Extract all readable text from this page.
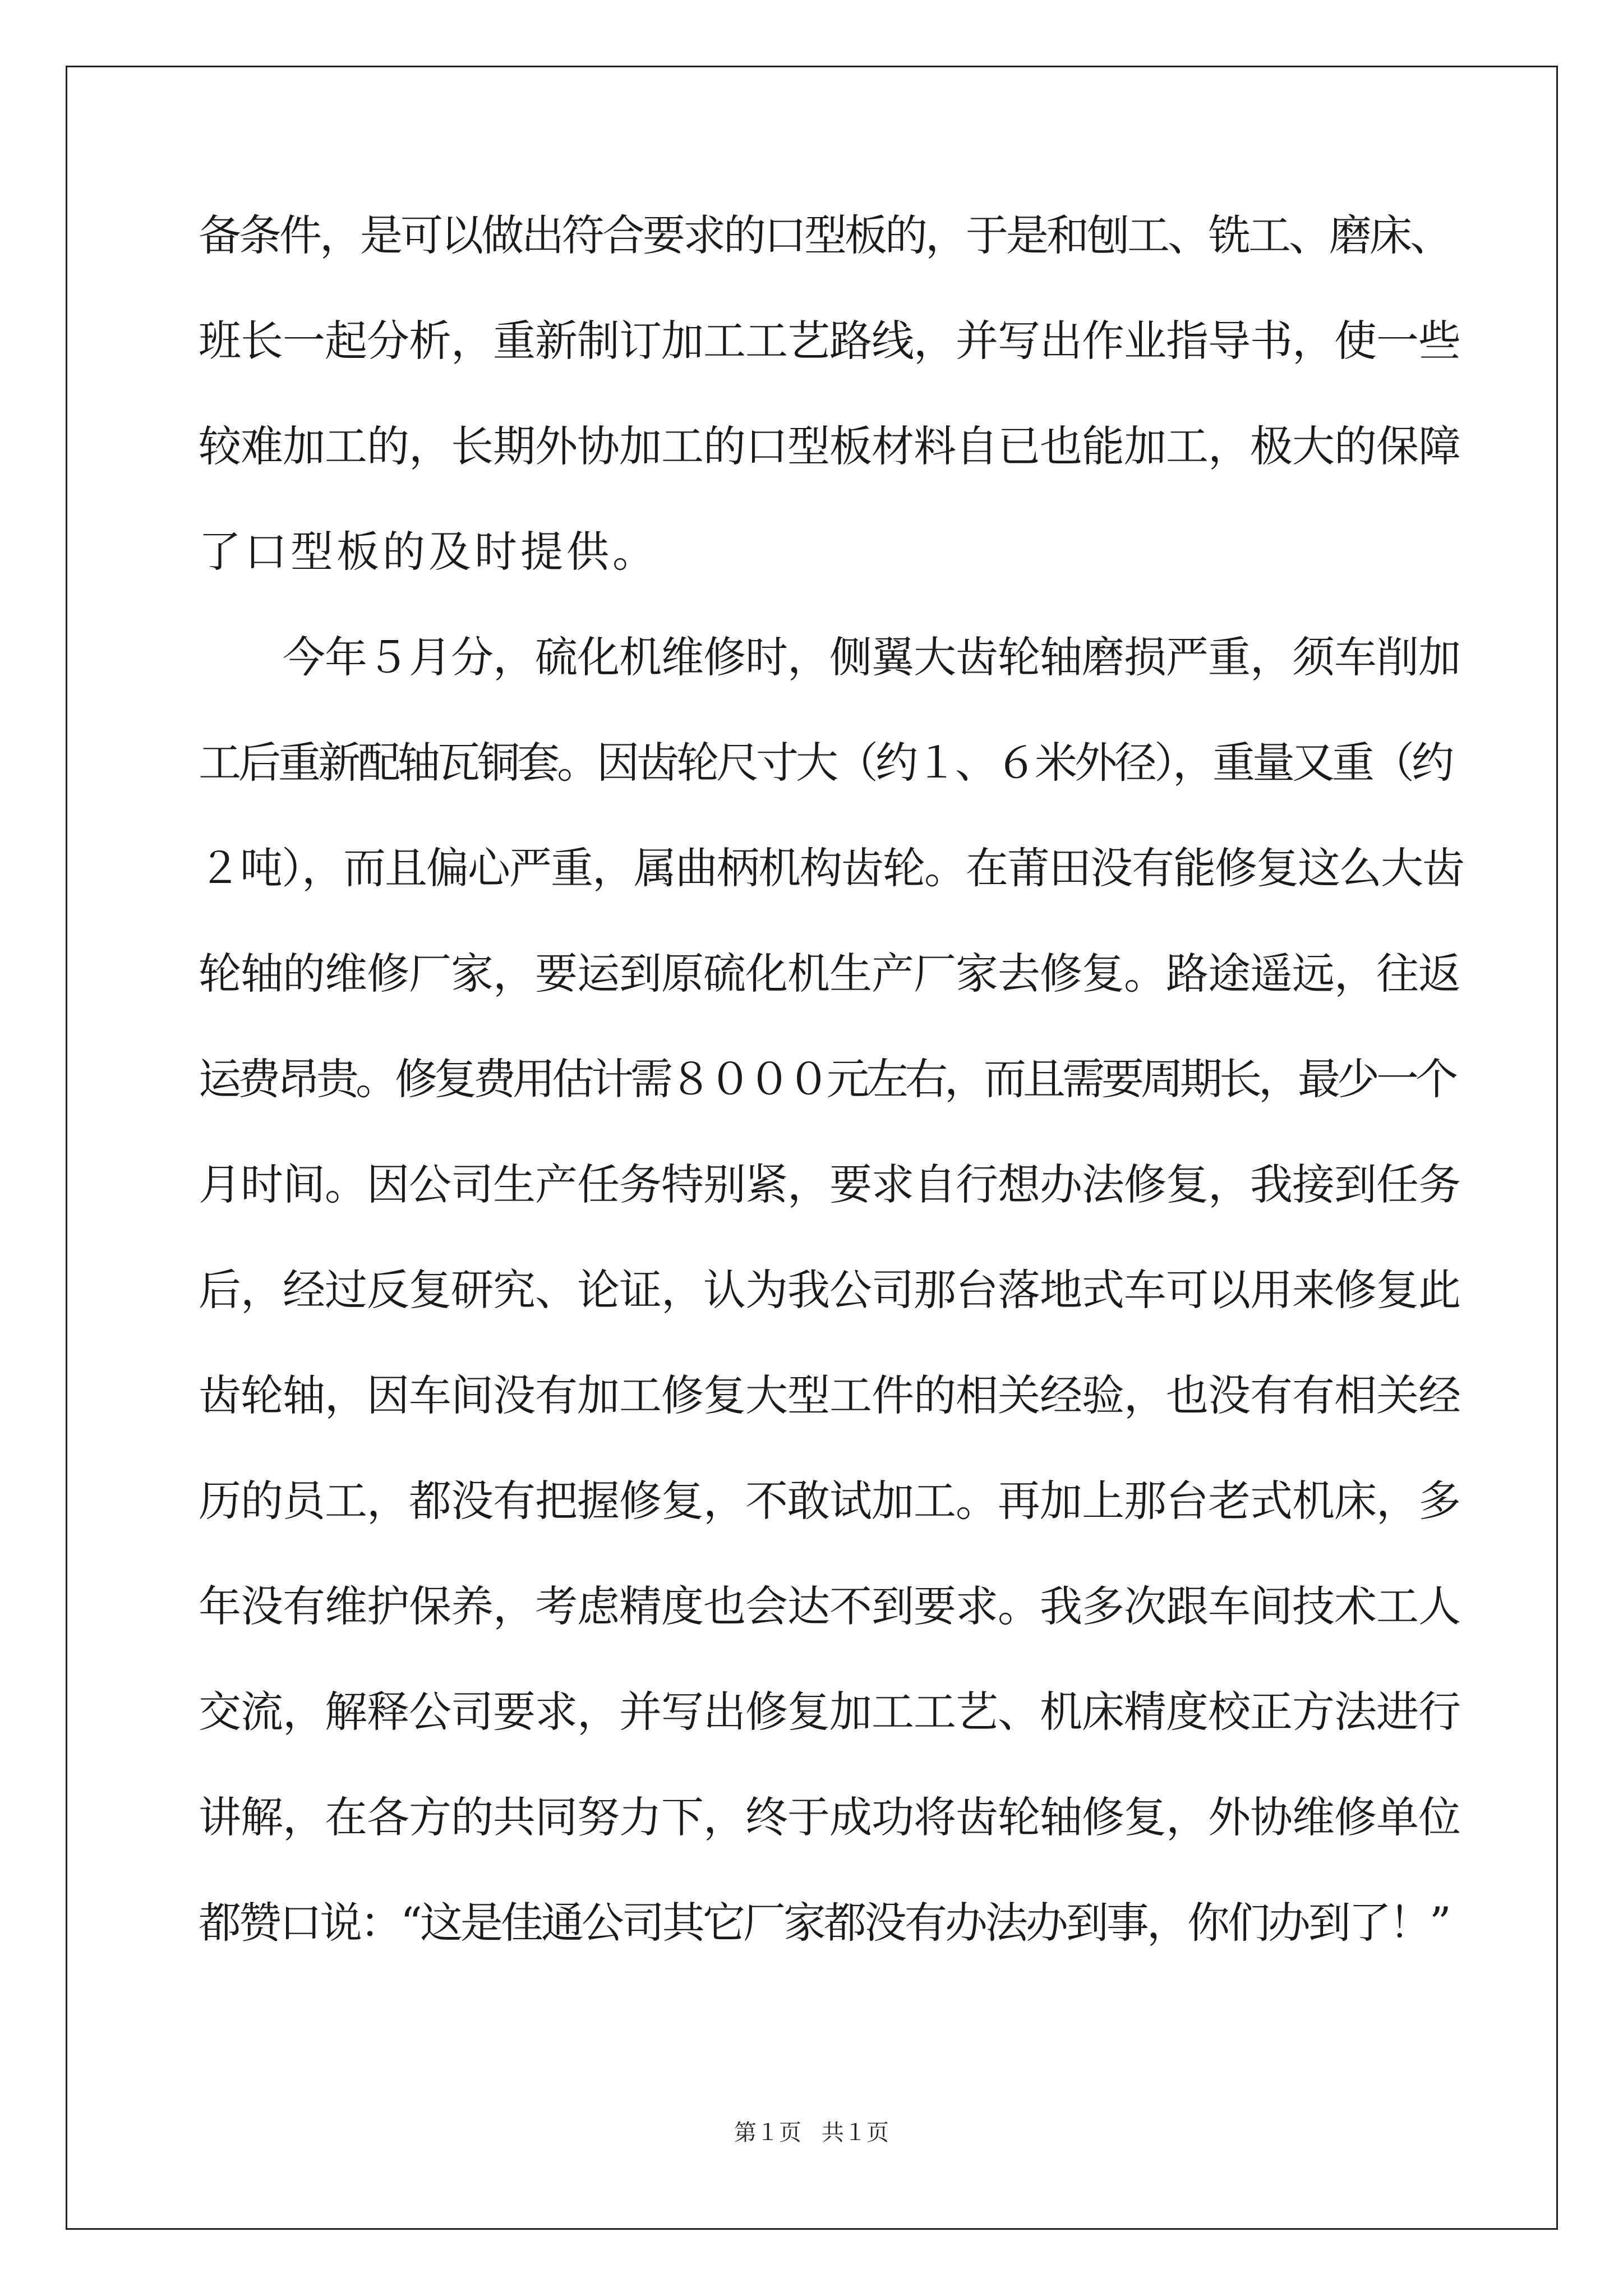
备条件，是可以做出符合要求的口型板的，于是和刨工、铣工、磨床、
班长一起分析，重新制订加工工艺路线，并写出作业指导书，使一些
较难加工的，长期外协加工的口型板材料自已也能加工，极大的保障
了口型板的及时提供。
今年５月分，硫化机维修时，侧翼大齿轮轴磨损严重，须车削加
工后重新配轴瓦铜套。因齿轮尺寸大（约１、６米外径），重量又重（约
２吨），而且偏心严重，属曲柄机构齿轮。在莆田没有能修复这么大齿
轮轴的维修厂家，要运到原硫化机生产厂家去修复。路途遥远，往返
运费昂贵。修复费用估计需８０００元左右，而且需要周期长，最少一个
月时间。因公司生产任务特别紧，要求自行想办法修复，我接到任务
后，经过反复研究、论证，认为我公司那台落地式车可以用来修复此
齿轮轴，因车间没有加工修复大型工件的相关经验，也没有有相关经
历的员工，都没有把握修复，不敢试加工。再加上那台老式机床，多
年没有维护保养，考虑精度也会达不到要求。我多次跟车间技术工人
交流，解释公司要求，并写出修复加工工艺、机床精度校正方法进行
讲解，在各方的共同努力下，终于成功将齿轮轴修复，外协维修单位
都赞口说：“这是佳通公司其它厂家都没有办法办到事，你们办到了！”
第１页 共１页
